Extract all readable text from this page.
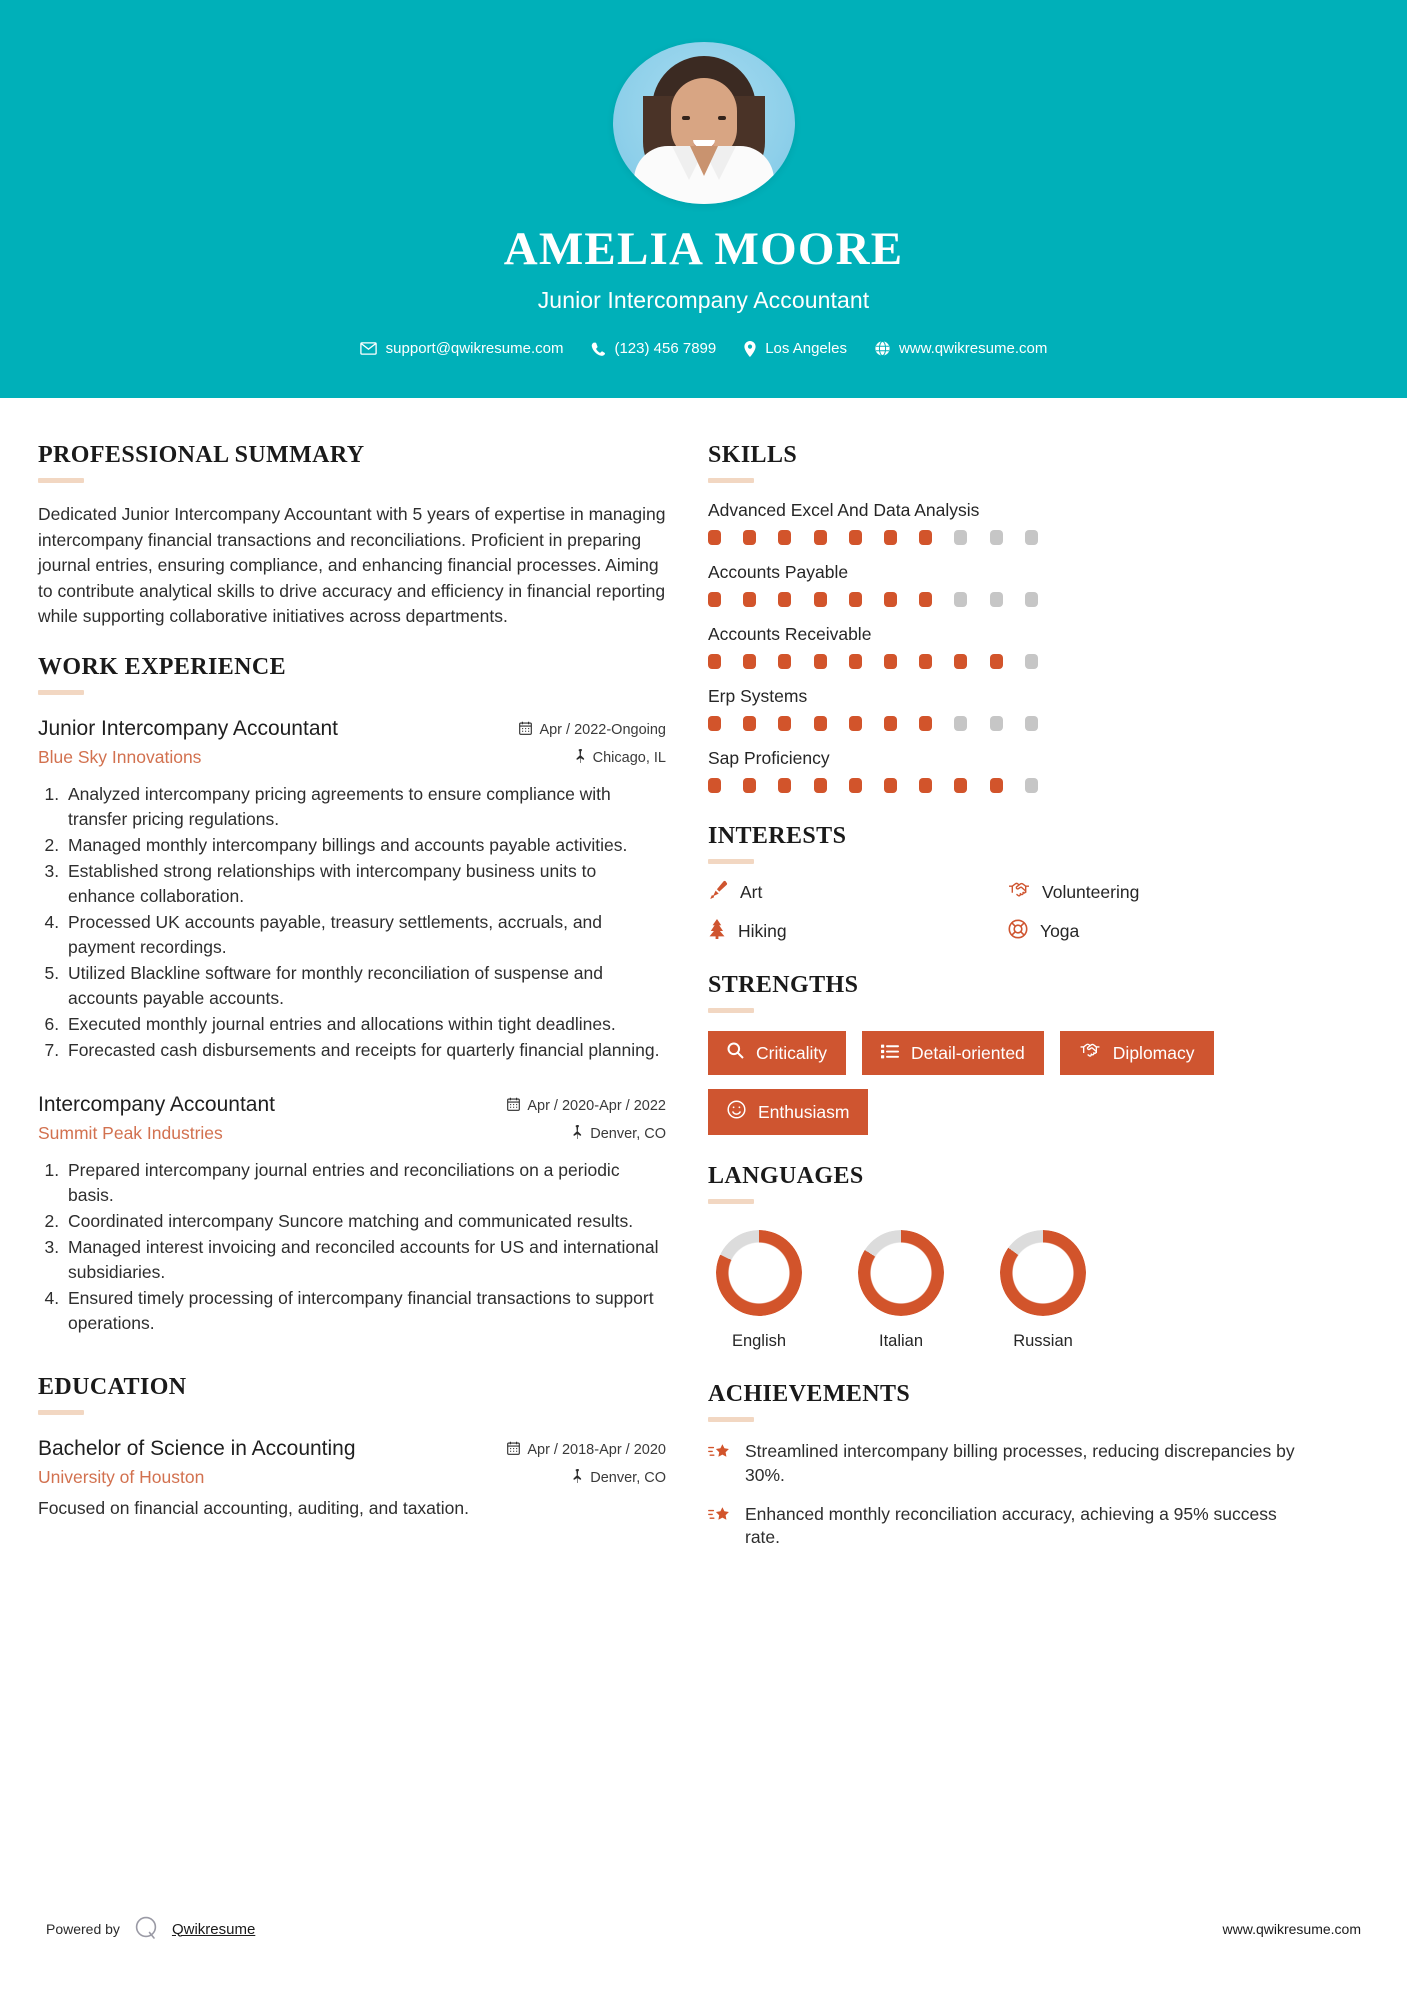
AMELIA MOORE
Junior Intercompany Accountant
support@qwikresume.com	(123) 456 7899	Los Angeles	www.qwikresume.com
PROFESSIONAL SUMMARY

Dedicated Junior Intercompany Accountant with 5 years of expertise in managing intercompany financial transactions and reconciliations. Proficient in preparing journal entries, ensuring compliance, and enhancing financial processes. Aiming to contribute analytical skills to drive accuracy and efficiency in financial reporting while supporting collaborative initiatives across departments.

WORK EXPERIENCE
Junior Intercompany Accountant	Apr / 2022-Ongoing
Blue Sky Innovations	Chicago, IL
1. Analyzed intercompany pricing agreements to ensure compliance with transfer pricing regulations.
2. Managed monthly intercompany billings and accounts payable activities.
3. Established strong relationships with intercompany business units to enhance collaboration.
4. Processed UK accounts payable, treasury settlements, accruals, and payment recordings.
5. Utilized Blackline software for monthly reconciliation of suspense and accounts payable accounts.
6. Executed monthly journal entries and allocations within tight deadlines.
7. Forecasted cash disbursements and receipts for quarterly financial planning.
Intercompany Accountant	Apr / 2020-Apr / 2022
Summit Peak Industries	Denver, CO
1. Prepared intercompany journal entries and reconciliations on a periodic basis.
2. Coordinated intercompany Suncore matching and communicated results.
3. Managed interest invoicing and reconciled accounts for US and international subsidiaries.
4. Ensured timely processing of intercompany financial transactions to support operations.
EDUCATION
Bachelor of Science in Accounting	Apr / 2018-Apr / 2020
University of Houston	Denver, CO
Focused on financial accounting, auditing, and taxation.
SKILLS
Advanced Excel And Data Analysis
Accounts Payable
Accounts Receivable
Erp Systems
Sap Proficiency
INTERESTS
Art	Volunteering
Hiking	Yoga
STRENGTHS
Criticality	Detail-oriented	Diplomacy
Enthusiasm
LANGUAGES
English	Italian	Russian
ACHIEVEMENTS
Streamlined intercompany billing processes, reducing discrepancies by 30%.
Enhanced monthly reconciliation accuracy, achieving a 95% success rate.
Powered by	Qwikresume	www.qwikresume.com
